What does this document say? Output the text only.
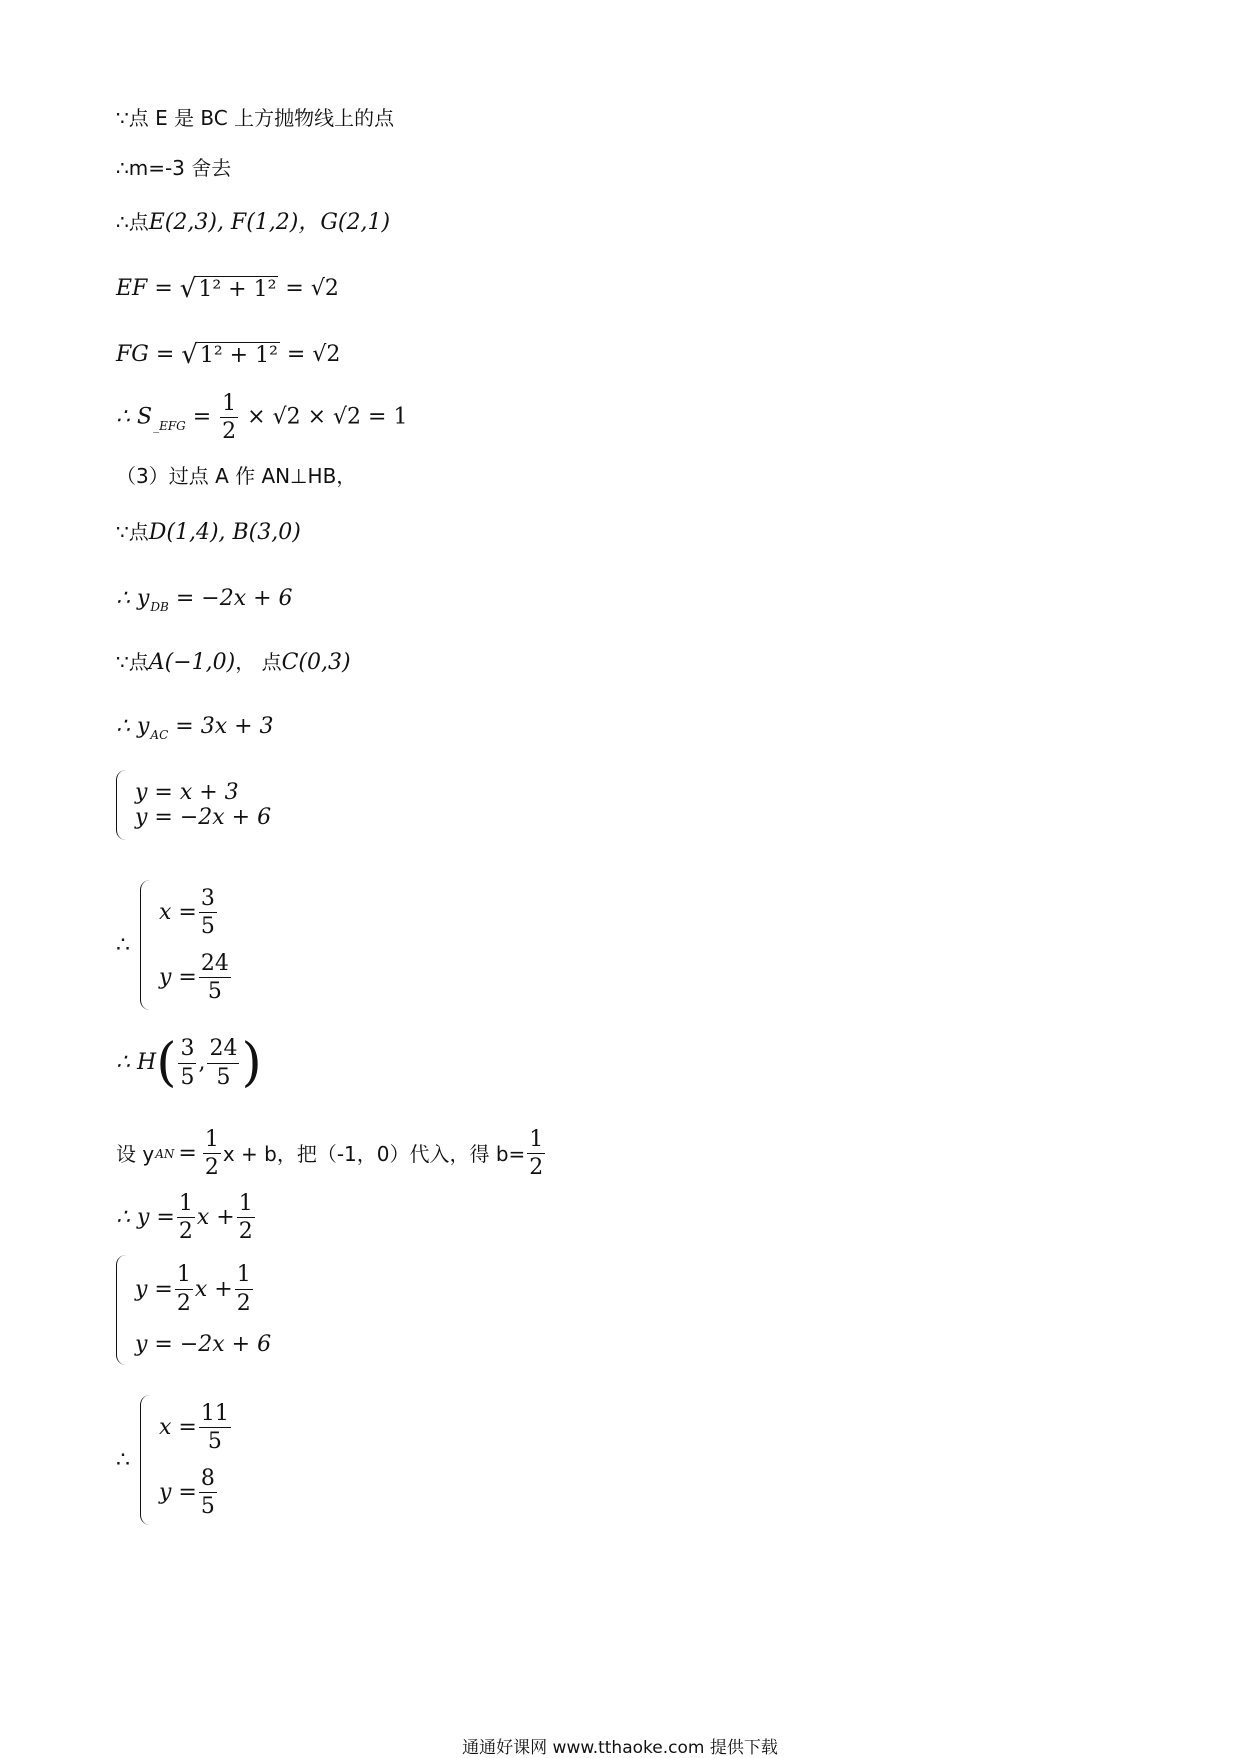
∵点 E 是 BC 上方抛物线上的点
∴m=-3 舍去
∴点E(2,3), F(1,2)，G(2,1)
EF = √ 1² + 1² = √2
FG = √ 1² + 1² = √2
∴ $S_{\_EFG} = \frac{1}{2} \times √2 \times √2 = 1$
（3）过点 A 作 AN⊥HB，
∵点D(1,4), B(3,0)
∴ $y_{DB} = -2x + 6$
∵点A(−1,0)， 点C(0,3)
∴ $y_{AC} = 3x + 3$
y = x + 3
y = −2x + 6
∴
$x = \frac{3}{5}$
$y = \frac{24}{5}$
∴ H ( $\frac{3}{5}$ , $\frac{24}{5}$ )
设 y AN = $\frac{1}{2}$ x + b，把（-1，0）代入，得 $b= \frac{1}{2}$
∴ $y = \frac{1}{2}$ $x + \frac{1}{2}$
$y = \frac{1}{2}$ $x + \frac{1}{2}$
y = −2x + 6
∴
$x = \frac{11}{5}$
$y = \frac{8}{5}$
通通好课网 www.tthaoke.com 提供下载
